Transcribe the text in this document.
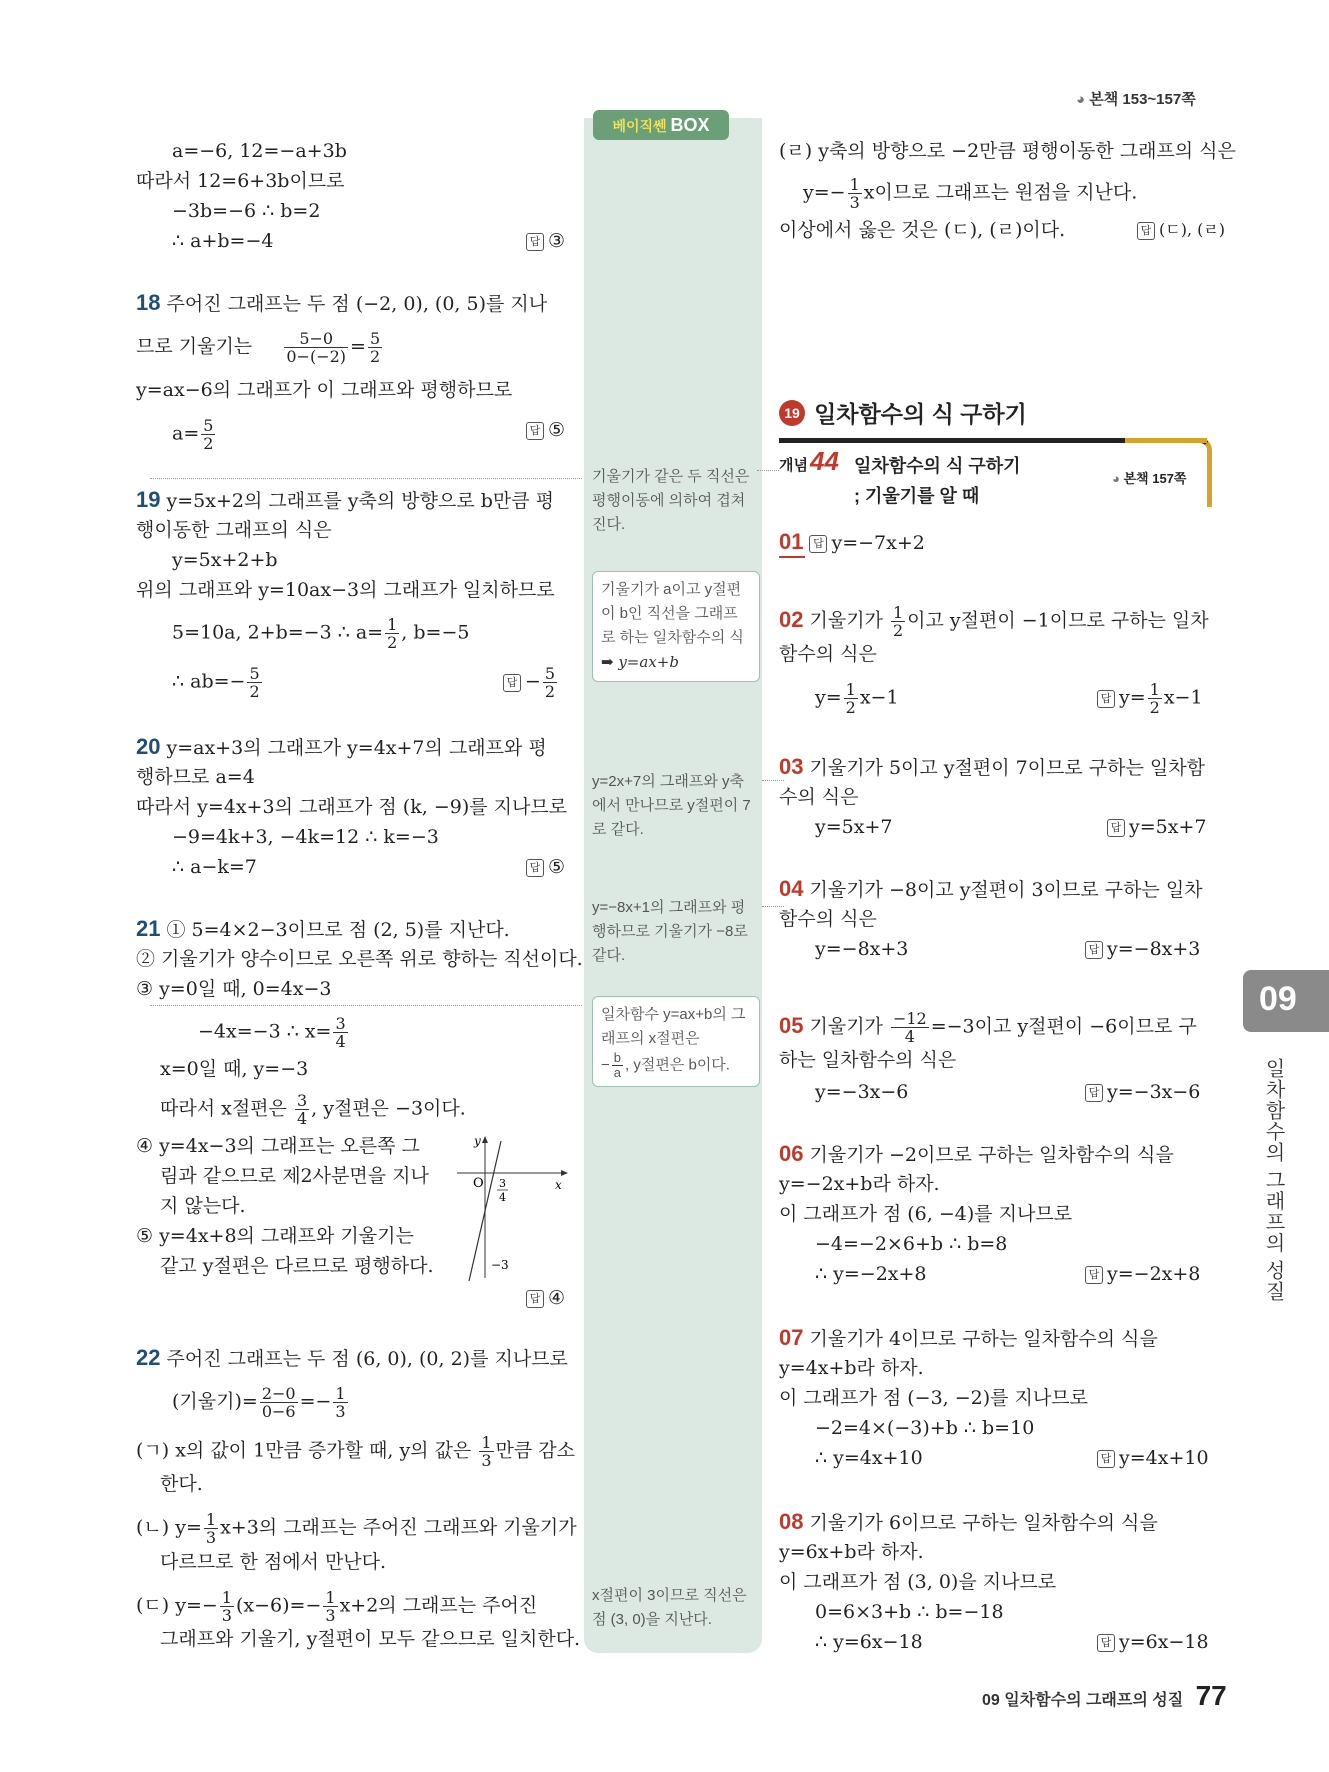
◕ 본책 153~157쪽
베이직쎈 BOX
a=−6, 12=−a+3b
따라서 12=6+3b이므로
−3b=−6 ∴ b=2
∴ a+b=−4	답 ③
18 주어진 그래프는 두 점 (−2, 0), (0, 5)를 지나
므로 기울기는 $\frac{5-0}{0-(-2)} = \frac{5}{2}$
y=ax−6의 그래프가 이 그래프와 평행하므로
$a= \frac{5}{2}$	답 ⑤
19 y=5x+2의 그래프를 y축의 방향으로 b만큼 평
행이동한 그래프의 식은
y=5x+2+b
위의 그래프와 y=10ax−3의 그래프가 일치하므로
5=10a, 2+b=−3 ∴ $a= \frac{1}{2}$ , b=−5
∴ $ab=- \frac{5}{2}$	답 − $\frac{5}{2}$
20 y=ax+3의 그래프가 y=4x+7의 그래프와 평
행하므로 a=4
따라서 y=4x+3의 그래프가 점 (k, −9)를 지나므로
−9=4k+3, −4k=12 ∴ k=−3
∴ a−k=7	답 ⑤
21 ① 5=4×2−3이므로 점 (2, 5)를 지난다.
② 기울기가 양수이므로 오른쪽 위로 향하는 직선이다.
③ y=0일 때, 0=4x−3
−4x=−3 ∴ $x= \frac{3}{4}$
x=0일 때, y=−3
따라서 x절편은 $\frac{3}{4}$ , y절편은 −3이다.
④ y=4x−3의 그래프는 오른쪽 그
림과 같으므로 제2사분면을 지나
지 않는다.
⑤ y=4x+8의 그래프와 기울기는
같고 y절편은 다르므로 평행하다.
y
x
O 3
4
−3
답 ④
22 주어진 그래프는 두 점 (6, 0), (0, 2)를 지나므로
(기울기)= $\frac{2-0}{0-6} =- \frac{1}{3}$
(ㄱ) x의 값이 1만큼 증가할 때, y의 값은 $\frac{1}{3}$ 만큼 감소
한다.
(ㄴ) $y= \frac{1}{3} x+3$의 그래프는 주어진 그래프와 기울기가
다르므로 한 점에서 만난다.
(ㄷ) $y=- \frac{1}{3} (x-6)=- \frac{1}{3} x+2$의 그래프는 주어진
그래프와 기울기, y절편이 모두 같으므로 일치한다.
기울기가 같은 두 직선은 평행이동에 의하여 겹쳐진다.
기울기가 a이고 y절편이 b인 직선을 그래프로 하는 일차함수의 식
➡ y=ax+b
y=2x+7의 그래프와 y축에서 만나므로 y절편이 7로 같다.
y=−8x+1의 그래프와 평행하므로 기울기가 −8로 같다.
일차함수 y=ax+b의 그래프의 x절편은
− $\frac{b}{a}$ , y절편은 b이다.
x절편이 3이므로 직선은 점 (3, 0)을 지난다.
(ㄹ) y축의 방향으로 −2만큼 평행이동한 그래프의 식은
$y=- \frac{1}{3}$ x이므로 그래프는 원점을 지난다.
이상에서 옳은 것은 (ㄷ), (ㄹ)이다.	답 (ㄷ), (ㄹ)
19 일차함수의 식 구하기
개념 44 일차함수의 식 구하기
; 기울기를 알 때
◕ 본책 157쪽
01 답 y=−7x+2
02 기울기가 $\frac{1}{2}$ 이고 y절편이 −1이므로 구하는 일차
함수의 식은
$y= \frac{1}{2} x-1$	답 $y= \frac{1}{2} x-1$
03 기울기가 5이고 y절편이 7이므로 구하는 일차함
수의 식은
y=5x+7	답 y=5x+7
04 기울기가 −8이고 y절편이 3이므로 구하는 일차
함수의 식은
y=−8x+3	답 y=−8x+3
05 기울기가 $\frac{-12}{4} =-3$이고 y절편이 −6이므로 구
하는 일차함수의 식은
y=−3x−6	답 y=−3x−6
06 기울기가 −2이므로 구하는 일차함수의 식을
y=−2x+b라 하자.
이 그래프가 점 (6, −4)를 지나므로
−4=−2×6+b ∴ b=8
∴ y=−2x+8	답 y=−2x+8
07 기울기가 4이므로 구하는 일차함수의 식을
y=4x+b라 하자.
이 그래프가 점 (−3, −2)를 지나므로
−2=4×(−3)+b ∴ b=10
∴ y=4x+10	답 y=4x+10
08 기울기가 6이므로 구하는 일차함수의 식을
y=6x+b라 하자.
이 그래프가 점 (3, 0)을 지나므로
0=6×3+b ∴ b=−18
∴ y=6x−18	답 y=6x−18
09
일차함수의 그래프의 성질
09 일차함수의 그래프의 성질 77
